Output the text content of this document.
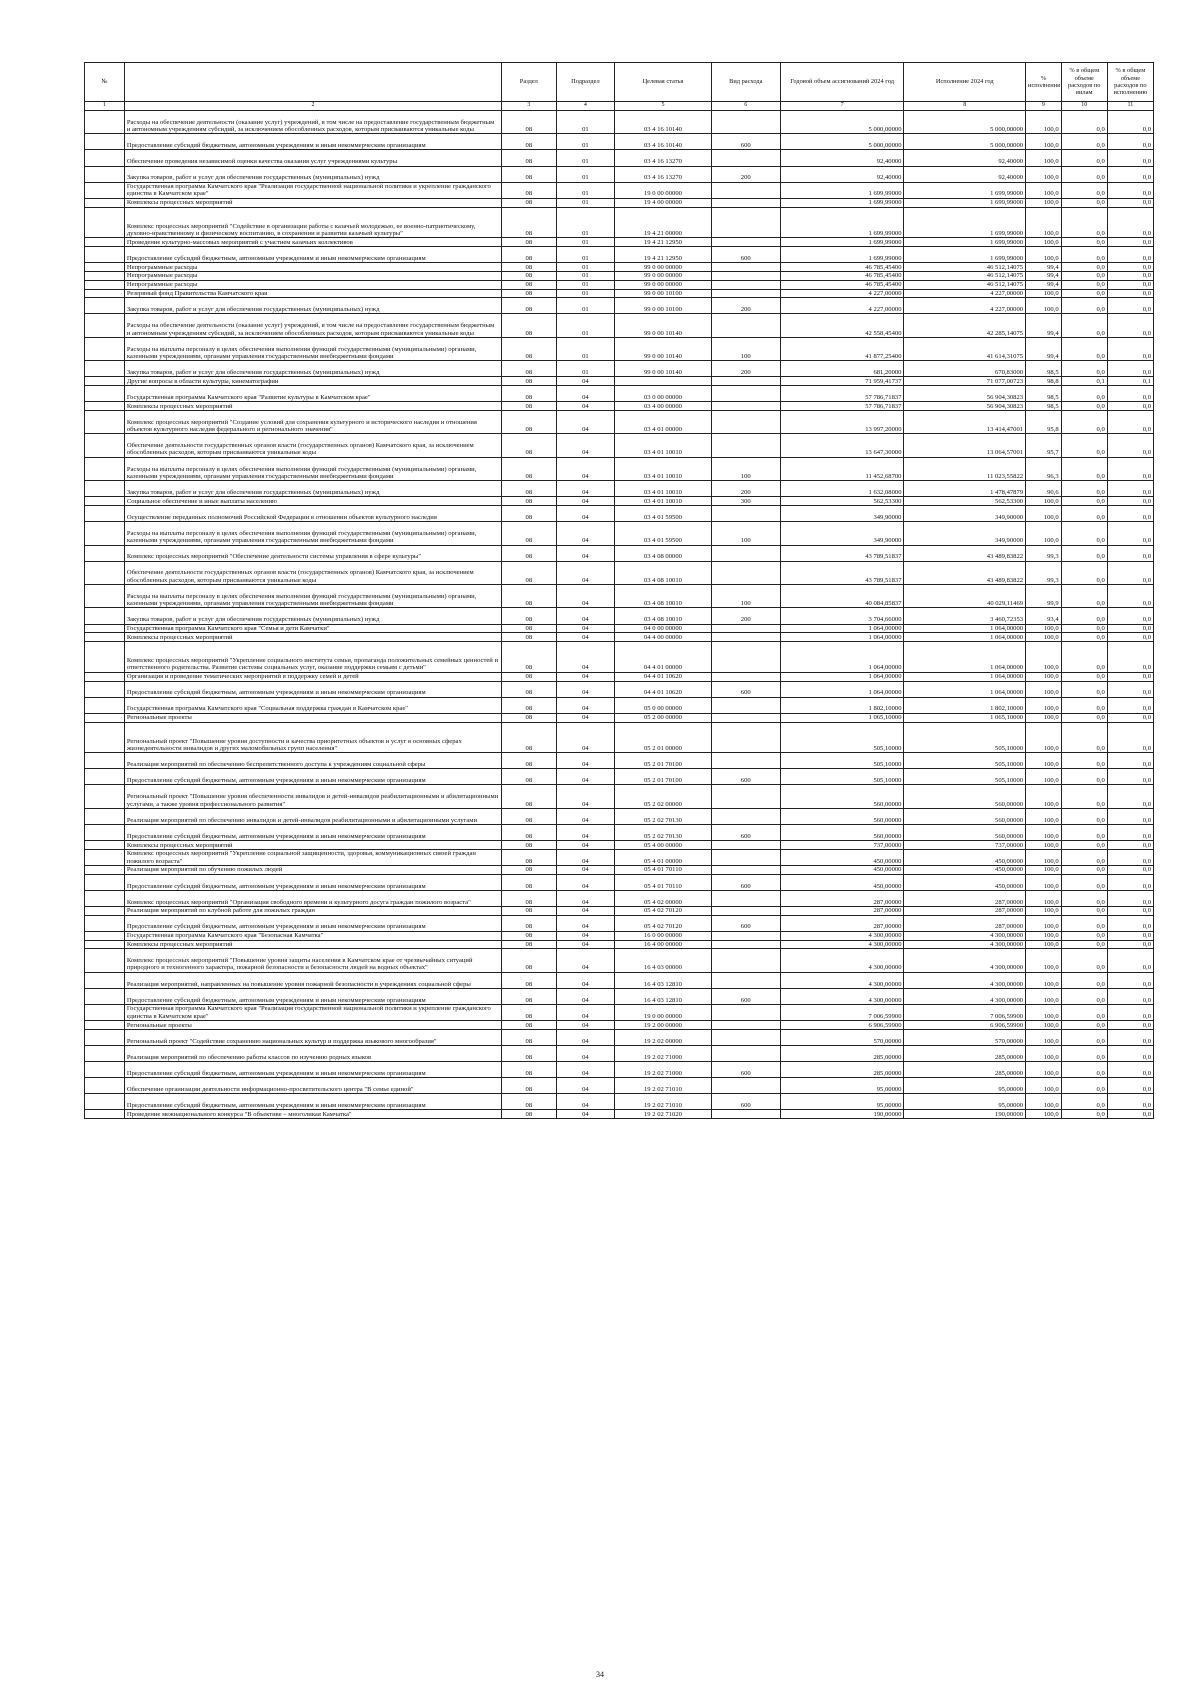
№		Раздел	Подраздел	Целевая статья	Вид расхода	Годовой объем ассигнований 2024 год	Исполнение 2024 год	% исполнения	% в общем объеме расходов по вилам	% в общем объеме расходов по исполнению
1	2	3	4	5	6	7	8	9	10	11
	Расходы на обеспечение деятельности (оказание услуг) учреждений, в том числе на предоставление государственным бюджетным и автономным учреждениям субсидий, за исключением обособленных расходов, которым присваиваются уникальные коды	08	01	03 4 16 10140		5 000,00000	5 000,00000	100,0	0,0	0,0
	Предоставление субсидий бюджетным, автономным учреждениям и иным некоммерческим организациям	08	01	03 4 16 10140	600	5 000,00000	5 000,00000	100,0	0,0	0,0
	Обеспечение проведения независимой оценки качества оказания услуг учреждениями культуры	08	01	03 4 16 13270		92,40000	92,40000	100,0	0,0	0,0
	Закупка товаров, работ и услуг для обеспечения государственных (муниципальных) нужд	08	01	03 4 16 13270	200	92,40000	92,40000	100,0	0,0	0,0
	Государственная программа Камчатского края "Реализация государственной национальной политики и укрепление гражданского единства в Камчатском крае"	08	01	19 0 00 00000		1 699,99000	1 699,99000	100,0	0,0	0,0
	Комплексы процессных мероприятий	08	01	19 4 00 00000		1 699,99000	1 699,99000	100,0	0,0	0,0
	Комплекс процессных мероприятий "Содействие в организации работы с казачьей молодежью, ее военно-патриотическому, духовно-нравственному и физическому воспитанию, в сохранении и развитии казачьей культуры"	08	01	19 4 21 00000		1 699,99000	1 699,99000	100,0	0,0	0,0
	Проведение культурно-массовых мероприятий с участием казачьих коллективов	08	01	19 4 21 12950		1 699,99000	1 699,99000	100,0	0,0	0,0
	Предоставление субсидий бюджетным, автономным учреждениям и иным некоммерческим организациям	08	01	19 4 21 12950	600	1 699,99000	1 699,99000	100,0	0,0	0,0
	Непрограммные расходы	08	01	99 0 00 00000		46 785,45400	46 512,14075	99,4	0,0	0,0
	Непрограммные расходы	08	01	99 0 00 00000		46 785,45400	46 512,14075	99,4	0,0	0,0
	Непрограммные расходы	08	01	99 0 00 00000		46 785,45400	46 512,14075	99,4	0,0	0,0
	Резервный фонд Правительства Камчатского края	08	01	99 0 00 10100		4 227,00000	4 227,00000	100,0	0,0	0,0
	Закупка товаров, работ и услуг для обеспечения государственных (муниципальных) нужд	08	01	99 0 00 10100	200	4 227,00000	4 227,00000	100,0	0,0	0,0
	Расходы на обеспечение деятельности (оказание услуг) учреждений, в том числе на предоставление государственным бюджетным и автономным учреждениям субсидий, за исключением обособленных расходов, которым присваиваются уникальные коды	08	01	99 0 00 10140		42 558,45400	42 285,14075	99,4	0,0	0,0
	Расходы на выплаты персоналу в целях обеспечения выполнения функций государственными (муниципальными) органами, казенными учреждениями, органами управления государственными внебюджетными фондами	08	01	99 0 00 10140	100	41 877,25400	41 614,31075	99,4	0,0	0,0
	Закупка товаров, работ и услуг для обеспечения государственных (муниципальных) нужд	08	01	99 0 00 10140	200	681,20000	670,83000	98,5	0,0	0,0
	Другие вопросы в области культуры, кинематографии	08	04			71 959,41737	71 077,00723	98,8	0,1	0,1
	Государственная программа Камчатского края "Развитие культуры в Камчатском крае"	08	04	03 0 00 00000		57 786,71837	56 904,30823	98,5	0,0	0,0
	Комплексы процессных мероприятий	08	04	03 4 00 00000		57 786,71837	56 904,30823	98,5	0,0	0,0
	Комплекс процессных мероприятий "Создание условий для сохранения культурного и исторического наследия и отношения объектов культурного наследия федерального и регионального значения"	08	04	03 4 01 00000		13 997,20000	13 414,47001	95,8	0,0	0,0
	Обеспечение деятельности государственных органов власти (государственных органов) Камчатского края, за исключением обособленных расходов, которым присваиваются уникальные коды	08	04	03 4 01 10010		13 647,30000	13 064,57001	95,7	0,0	0,0
	Расходы на выплаты персоналу в целях обеспечения выполнения функций государственными (муниципальными) органами, казенными учреждениями, органами управления государственными внебюджетными фондами	08	04	03 4 01 10010	100	11 452,68700	11 023,55822	96,3	0,0	0,0
	Закупка товаров, работ и услуг для обеспечения государственных (муниципальных) нужд	08	04	03 4 01 10010	200	1 632,08000	1 478,47879	90,6	0,0	0,0
	Социальное обеспечение и иные выплаты населению	08	04	03 4 01 10010	300	562,53300	562,53300	100,0	0,0	0,0
	Осуществление переданных полномочий Российской Федерации в отношении объектов культурного наследия	08	04	03 4 01 59500		349,90000	349,90000	100,0	0,0	0,0
	Расходы на выплаты персоналу в целях обеспечения выполнения функций государственными (муниципальными) органами, казенными учреждениями, органами управления государственными внебюджетными фондами	08	04	03 4 01 59500	100	349,90000	349,90000	100,0	0,0	0,0
	Комплекс процессных мероприятий "Обеспечение деятельности системы управления в сфере культуры"	08	04	03 4 08 00000		43 789,51837	43 489,83822	99,3	0,0	0,0
	Обеспечение деятельности государственных органов власти (государственных органов) Камчатского края, за исключением обособленных расходов, которым присваиваются уникальные коды	08	04	03 4 08 10010		43 789,51837	43 489,83822	99,3	0,0	0,0
	Расходы на выплаты персоналу в целях обеспечения выполнения функций государственными (муниципальными) органами, казенными учреждениями, органами управления государственными внебюджетными фондами	08	04	03 4 08 10010	100	40 084,85837	40 029,11469	99,9	0,0	0,0
	Закупка товаров, работ и услуг для обеспечения государственных (муниципальных) нужд	08	04	03 4 08 10010	200	3 704,66000	3 460,72353	93,4	0,0	0,0
	Государственная программа Камчатского края "Семья и дети Камчатки"	08	04	04 0 00 00000		1 064,00000	1 064,00000	100,0	0,0	0,0
	Комплексы процессных мероприятий	08	04	04 4 00 00000		1 064,00000	1 064,00000	100,0	0,0	0,0
	Комплекс процессных мероприятий "Укрепление социального института семьи, пропаганда положительных семейных ценностей и ответственного родительства. Развитие системы социальных услуг, оказание поддержки семьям с детьми"	08	04	04 4 01 00000		1 064,00000	1 064,00000	100,0	0,0	0,0
	Организация и проведение тематических мероприятий в поддержку семей и детей	08	04	04 4 01 10620		1 064,00000	1 064,00000	100,0	0,0	0,0
	Предоставление субсидий бюджетным, автономным учреждениям и иным некоммерческим организациям	08	04	04 4 01 10620	600	1 064,00000	1 064,00000	100,0	0,0	0,0
	Государственная программа Камчатского края "Социальная поддержка граждан в Камчатском крае"	08	04	05 0 00 00000		1 802,10000	1 802,10000	100,0	0,0	0,0
	Региональные проекты	08	04	05 2 00 00000		1 065,10000	1 065,10000	100,0	0,0	0,0
	Региональный проект "Повышение уровня доступности и качества приоритетных объектов и услуг в основных сферах жизнедеятельности инвалидов и других маломобильных групп населения"	08	04	05 2 01 00000		505,10000	505,10000	100,0	0,0	0,0
	Реализация мероприятий по обеспечению беспрепятственного доступа к учреждениям социальной сферы	08	04	05 2 01 70100		505,10000	505,10000	100,0	0,0	0,0
	Предоставление субсидий бюджетным, автономным учреждениям и иным некоммерческим организациям	08	04	05 2 01 70100	600	505,10000	505,10000	100,0	0,0	0,0
	Региональный проект "Повышение уровня обеспеченности инвалидов и детей-инвалидов реабилитационными и абилитационными услугами, а также уровня профессионального развития"	08	04	05 2 02 00000		560,00000	560,00000	100,0	0,0	0,0
	Реализация мероприятий по обеспечению инвалидов и детей-инвалидов реабилитационными и абилитационными услугами	08	04	05 2 02 70130		560,00000	560,00000	100,0	0,0	0,0
	Предоставление субсидий бюджетным, автономным учреждениям и иным некоммерческим организациям	08	04	05 2 02 70130	600	560,00000	560,00000	100,0	0,0	0,0
	Комплексы процессных мероприятий	08	04	05 4 00 00000		737,00000	737,00000	100,0	0,0	0,0
	Комплекс процессных мероприятий "Укрепление социальной защищенности, здоровья, коммуникационных связей граждан пожилого возраста"	08	04	05 4 01 00000		450,00000	450,00000	100,0	0,0	0,0
	Реализация мероприятий по обучению пожилых людей	08	04	05 4 01 70110		450,00000	450,00000	100,0	0,0	0,0
	Предоставление субсидий бюджетным, автономным учреждениям и иным некоммерческим организациям	08	04	05 4 01 70110	600	450,00000	450,00000	100,0	0,0	0,0
	Комплекс процессных мероприятий "Организация свободного времени и культурного досуга граждан пожилого возраста"	08	04	05 4 02 00000		287,00000	287,00000	100,0	0,0	0,0
	Реализация мероприятий по клубной работе для пожилых граждан	08	04	05 4 02 70120		287,00000	287,00000	100,0	0,0	0,0
	Предоставление субсидий бюджетным, автономным учреждениям и иным некоммерческим организациям	08	04	05 4 02 70120	600	287,00000	287,00000	100,0	0,0	0,0
	Государственная программа Камчатского края "Безопасная Камчатка"	08	04	16 0 00 00000		4 300,00000	4 300,00000	100,0	0,0	0,0
	Комплексы процессных мероприятий	08	04	16 4 00 00000		4 300,00000	4 300,00000	100,0	0,0	0,0
	Комплекс процессных мероприятий "Повышение уровня защиты населения в Камчатском крае от чрезвычайных ситуаций природного и техногенного характера, пожарной безопасности и безопасности людей на водных объектах"	08	04	16 4 03 00000		4 300,00000	4 300,00000	100,0	0,0	0,0
	Реализация мероприятий, направленных на повышение уровня пожарной безопасности в учреждениях социальной сферы	08	04	16 4 03 12810		4 300,00000	4 300,00000	100,0	0,0	0,0
	Предоставление субсидий бюджетным, автономным учреждениям и иным некоммерческим организациям	08	04	16 4 03 12810	600	4 300,00000	4 300,00000	100,0	0,0	0,0
	Государственная программа Камчатского края "Реализация государственной национальной политики и укрепление гражданского единства в Камчатском крае"	08	04	19 0 00 00000		7 006,59900	7 006,59900	100,0	0,0	0,0
	Региональные проекты	08	04	19 2 00 00000		6 906,59900	6 906,59900	100,0	0,0	0,0
	Региональный проект "Содействие сохранению национальных культур и поддержка языкового многообразия"	08	04	19 2 02 00000		570,00000	570,00000	100,0	0,0	0,0
	Реализация мероприятий по обеспечению работы классов по изучению родных языков	08	04	19 2 02 71000		285,00000	285,00000	100,0	0,0	0,0
	Предоставление субсидий бюджетным, автономным учреждениям и иным некоммерческим организациям	08	04	19 2 02 71000	600	285,00000	285,00000	100,0	0,0	0,0
	Обеспечение организации деятельности информационно-просветительского центра "В семье единой"	08	04	19 2 02 71010		95,00000	95,00000	100,0	0,0	0,0
	Предоставление субсидий бюджетным, автономным учреждениям и иным некоммерческим организациям	08	04	19 2 02 71010	600	95,00000	95,00000	100,0	0,0	0,0
	Проведение межнационального конкурса "В объективе – многоликая Камчатка"	08	04	19 2 02 71020		190,00000	190,00000	100,0	0,0	0,0
34
